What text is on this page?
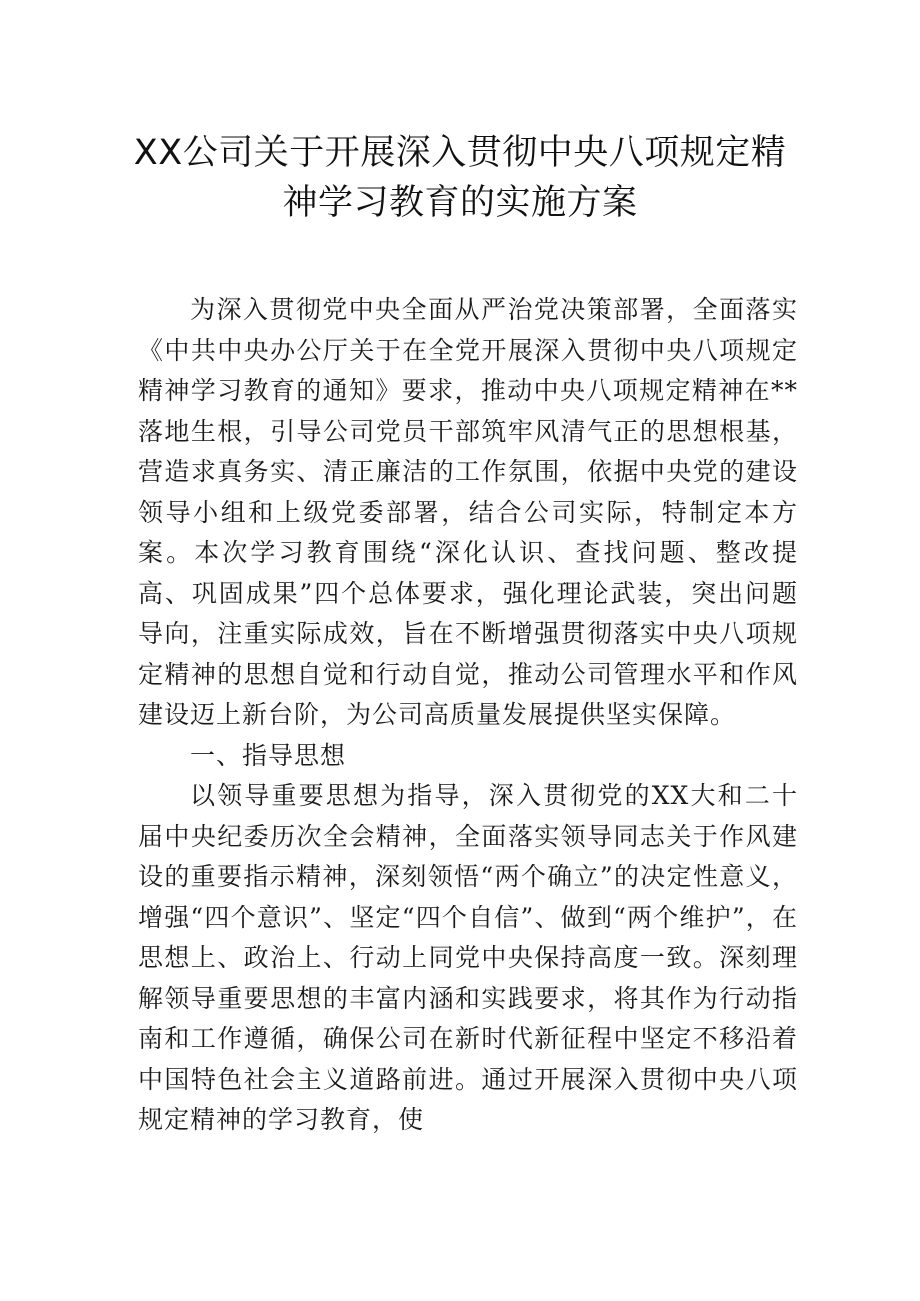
XX公司关于开展深入贯彻中央八项规定精
神学习教育的实施方案

为深入贯彻党中央全面从严治党决策部署，全面落实《中共中央办公厅关于在全党开展深入贯彻中央八项规定精神学习教育的通知》要求，推动中央八项规定精神在**落地生根，引导公司党员干部筑牢风清气正的思想根基，营造求真务实、清正廉洁的工作氛围，依据中央党的建设领导小组和上级党委部署，结合公司实际，特制定本方案。本次学习教育围绕“深化认识、查找问题、整改提高、巩固成果”四个总体要求，强化理论武装，突出问题导向，注重实际成效，旨在不断增强贯彻落实中央八项规定精神的思想自觉和行动自觉，推动公司管理水平和作风建设迈上新台阶，为公司高质量发展提供坚实保障。

一、指导思想

以领导重要思想为指导，深入贯彻党的XX大和二十届中央纪委历次全会精神，全面落实领导同志关于作风建设的重要指示精神，深刻领悟“两个确立”的决定性意义，增强“四个意识”、坚定“四个自信”、做到“两个维护”，在思想上、政治上、行动上同党中央保持高度一致。深刻理解领导重要思想的丰富内涵和实践要求，将其作为行动指南和工作遵循，确保公司在新时代新征程中坚定不移沿着中国特色社会主义道路前进。通过开展深入贯彻中央八项规定精神的学习教育，使
